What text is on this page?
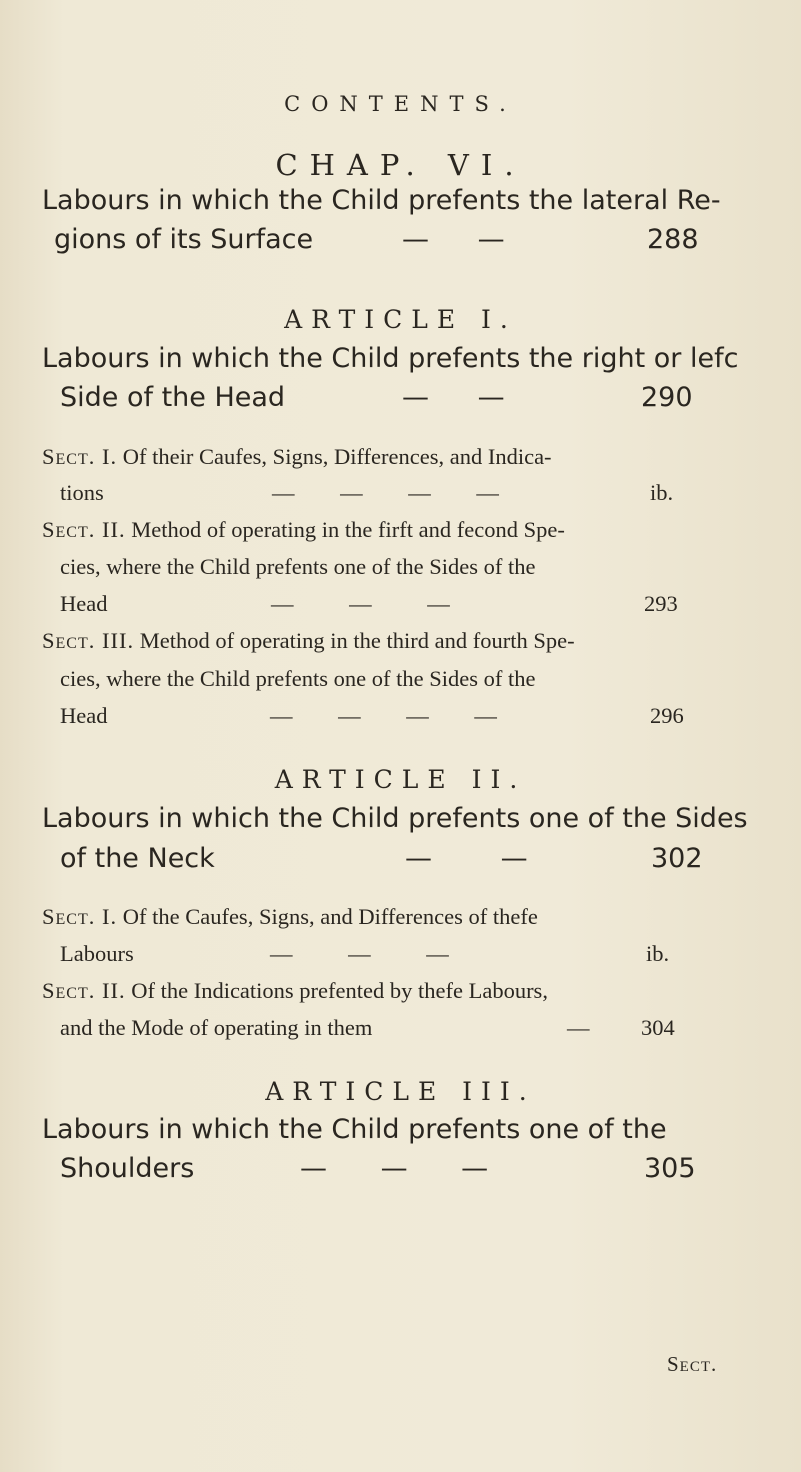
CONTENTS.
CHAP. VI.
Labours in which the Child prefents the lateral Re-
gions of its Surface	— —	288
ARTICLE I.
Labours in which the Child prefents the right or lefc
Side of the Head	— —	290
Sect. I. Of their Caufes, Signs, Differences, and Indica-
tions	— — — —	ib.
Sect. II. Method of operating in the firft and fecond Spe-
cies, where the Child prefents one of the Sides of the
Head	— — —	293
Sect. III. Method of operating in the third and fourth Spe-
cies, where the Child prefents one of the Sides of the
Head	— — — —	296
ARTICLE II.
Labours in which the Child prefents one of the Sides
of the Neck	— —	302
Sect. I. Of the Caufes, Signs, and Differences of thefe
Labours	— — —	ib.
Sect. II. Of the Indications prefented by thefe Labours,
and the Mode of operating in them	— 304
ARTICLE III.
Labours in which the Child prefents one of the
Shoulders	— — —	305
Sect.
